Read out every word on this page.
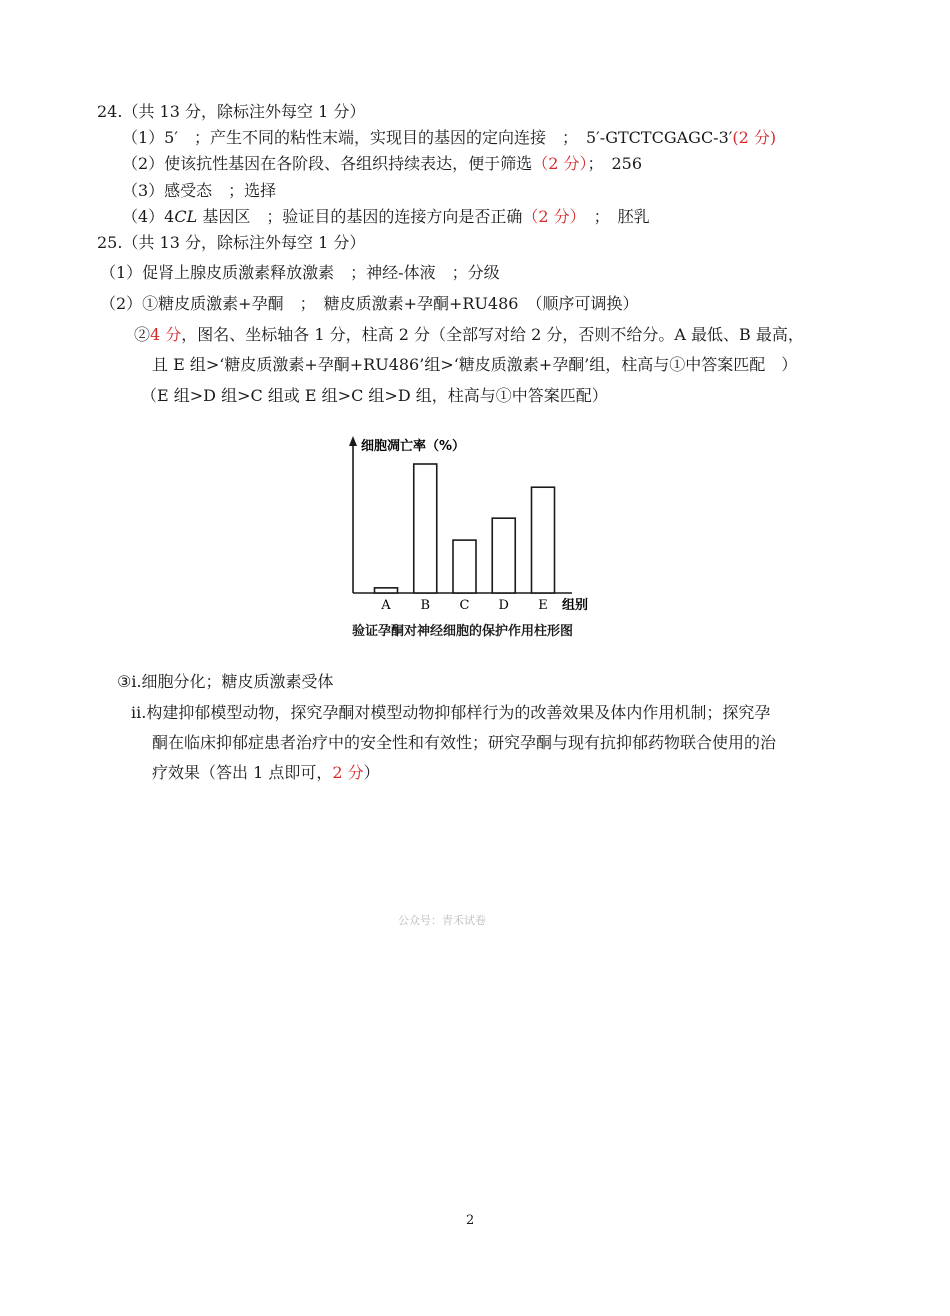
24.（共 13 分，除标注外每空 1 分）
（1）5′　；产生不同的粘性末端，实现目的基因的定向连接　；　5′-GTCTCGAGC-3′(2 分)
（2）使该抗性基因在各阶段、各组织持续表达，便于筛选（2 分）；　256
（3）感受态　；选择
（4）4CL 基因区　；验证目的基因的连接方向是否正确（2 分）　；　胚乳
25.（共 13 分，除标注外每空 1 分）
（1）促肾上腺皮质激素释放激素　；神经-体液　；分级
（2）①糖皮质激素+孕酮　；　糖皮质激素+孕酮+RU486　（顺序可调换）
②4 分，图名、坐标轴各 1 分，柱高 2 分（全部写对给 2 分，否则不给分。A 最低、B 最高，
且 E 组>‘糖皮质激素+孕酮+RU486’组>‘糖皮质激素+孕酮’组，柱高与①中答案匹配　）
（E 组>D 组>C 组或 E 组>C 组>D 组，柱高与①中答案匹配）
细胞凋亡率（%）
组别
A B C D E
验证孕酮对神经细胞的保护作用柱形图
③i.细胞分化；糖皮质激素受体
ii.构建抑郁模型动物，探究孕酮对模型动物抑郁样行为的改善效果及体内作用机制；探究孕
酮在临床抑郁症患者治疗中的安全性和有效性；研究孕酮与现有抗抑郁药物联合使用的治
疗效果（答出 1 点即可，2 分）
公众号：青禾试卷
2
